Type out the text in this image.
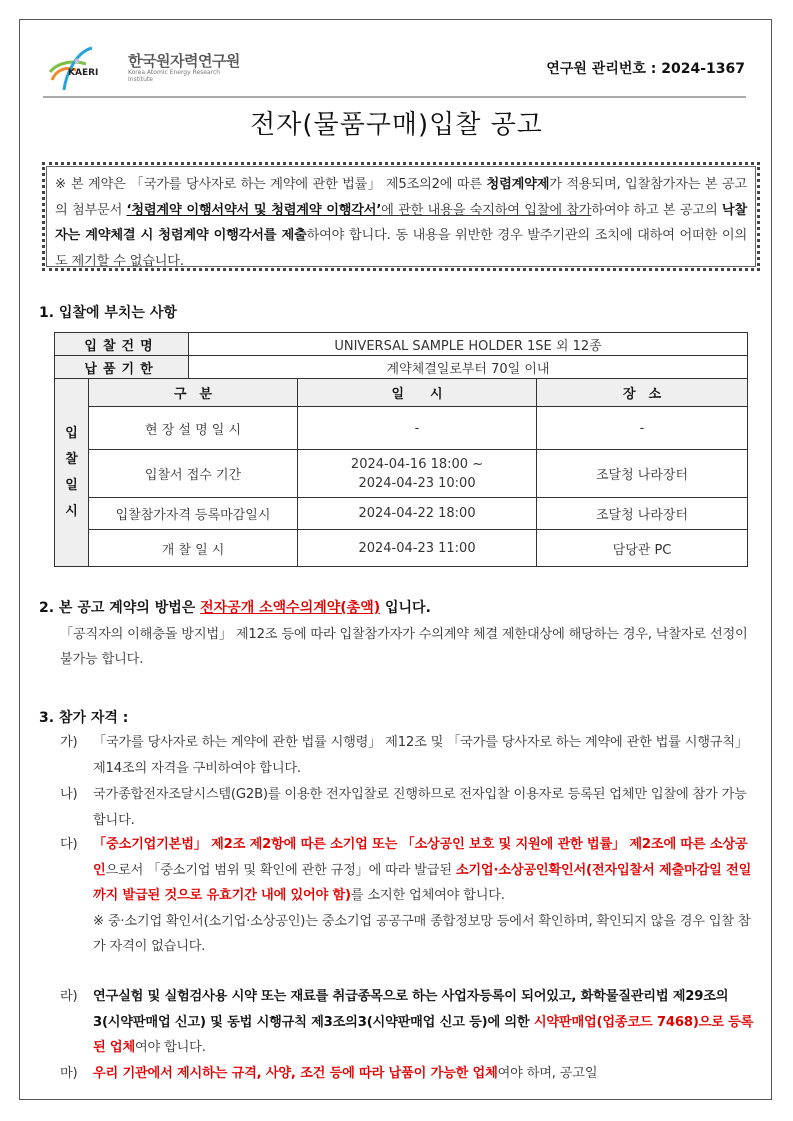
KAERI
한국원자력연구원
Korea Atomic Energy Research Institute
연구원 관리번호 : 2024-1367
전자(물품구매)입찰 공고
※ 본 계약은 「국가를 당사자로 하는 계약에 관한 법률」 제5조의2에 따른 청렴계약제가 적용되며, 입찰참가자는 본 공고의 첨부문서 ‘청렴계약 이행서약서 및 청렴계약 이행각서’에 관한 내용을 숙지하여 입찰에 참가하여야 하고 본 공고의 낙찰자는 계약체결 시 청렴계약 이행각서를 제출하여야 합니다. 동 내용을 위반한 경우 발주기관의 조치에 대하여 어떠한 이의도 제기할 수 없습니다.
1. 입찰에 부치는 사항
입찰건명		UNIVERSAL SAMPLE HOLDER 1SE 외 12종		
납품기한		계약체결일로부터 70일 이내		

입
찰
일
시	구　분		일　　시	장　소
	현 장 설 명 일 시		-	-
	입찰서 접수 기간		2024-04-16 18:00 ~
2024-04-23 10:00	조달청 나라장터
	입찰참가자격 등록마감일시		2024-04-22 18:00	조달청 나라장터
	개 찰 일 시		2024-04-23 11:00	담당관 PC
2. 본 공고 계약의 방법은 전자공개 소액수의계약(총액) 입니다.
「공직자의 이해충돌 방지법」 제12조 등에 따라 입찰참가자가 수의계약 체결 제한대상에 해당하는 경우, 낙찰자로 선정이 불가능 합니다.
3. 참가 자격 :
가) 「국가를 당사자로 하는 계약에 관한 법률 시행령」 제12조 및 「국가를 당사자로 하는 계약에 관한 법률 시행규칙」 제14조의 자격을 구비하여야 합니다.
나) 국가종합전자조달시스템(G2B)를 이용한 전자입찰로 진행하므로 전자입찰 이용자로 등록된 업체만 입찰에 참가 가능합니다.
다) 「중소기업기본법」 제2조 제2항에 따른 소기업 또는 「소상공인 보호 및 지원에 관한 법률」 제2조에 따른 소상공인으로서 「중소기업 범위 및 확인에 관한 규정」에 따라 발급된 소기업·소상공인확인서(전자입찰서 제출마감일 전일까지 발급된 것으로 유효기간 내에 있어야 함)를 소지한 업체여야 합니다.
※ 중·소기업 확인서(소기업·소상공인)는 중소기업 공공구매 종합정보망 등에서 확인하며, 확인되지 않을 경우 입찰 참가 자격이 없습니다.
라) 연구실험 및 실험검사용 시약 또는 재료를 취급종목으로 하는 사업자등록이 되어있고, 화학물질관리법 제29조의 3(시약판매업 신고) 및 동법 시행규칙 제3조의3(시약판매업 신고 등)에 의한 시약판매업(업종코드 7468)으로 등록된 업체여야 합니다.
마) 우리 기관에서 제시하는 규격, 사양, 조건 등에 따라 납품이 가능한 업체여야 하며, 공고일
